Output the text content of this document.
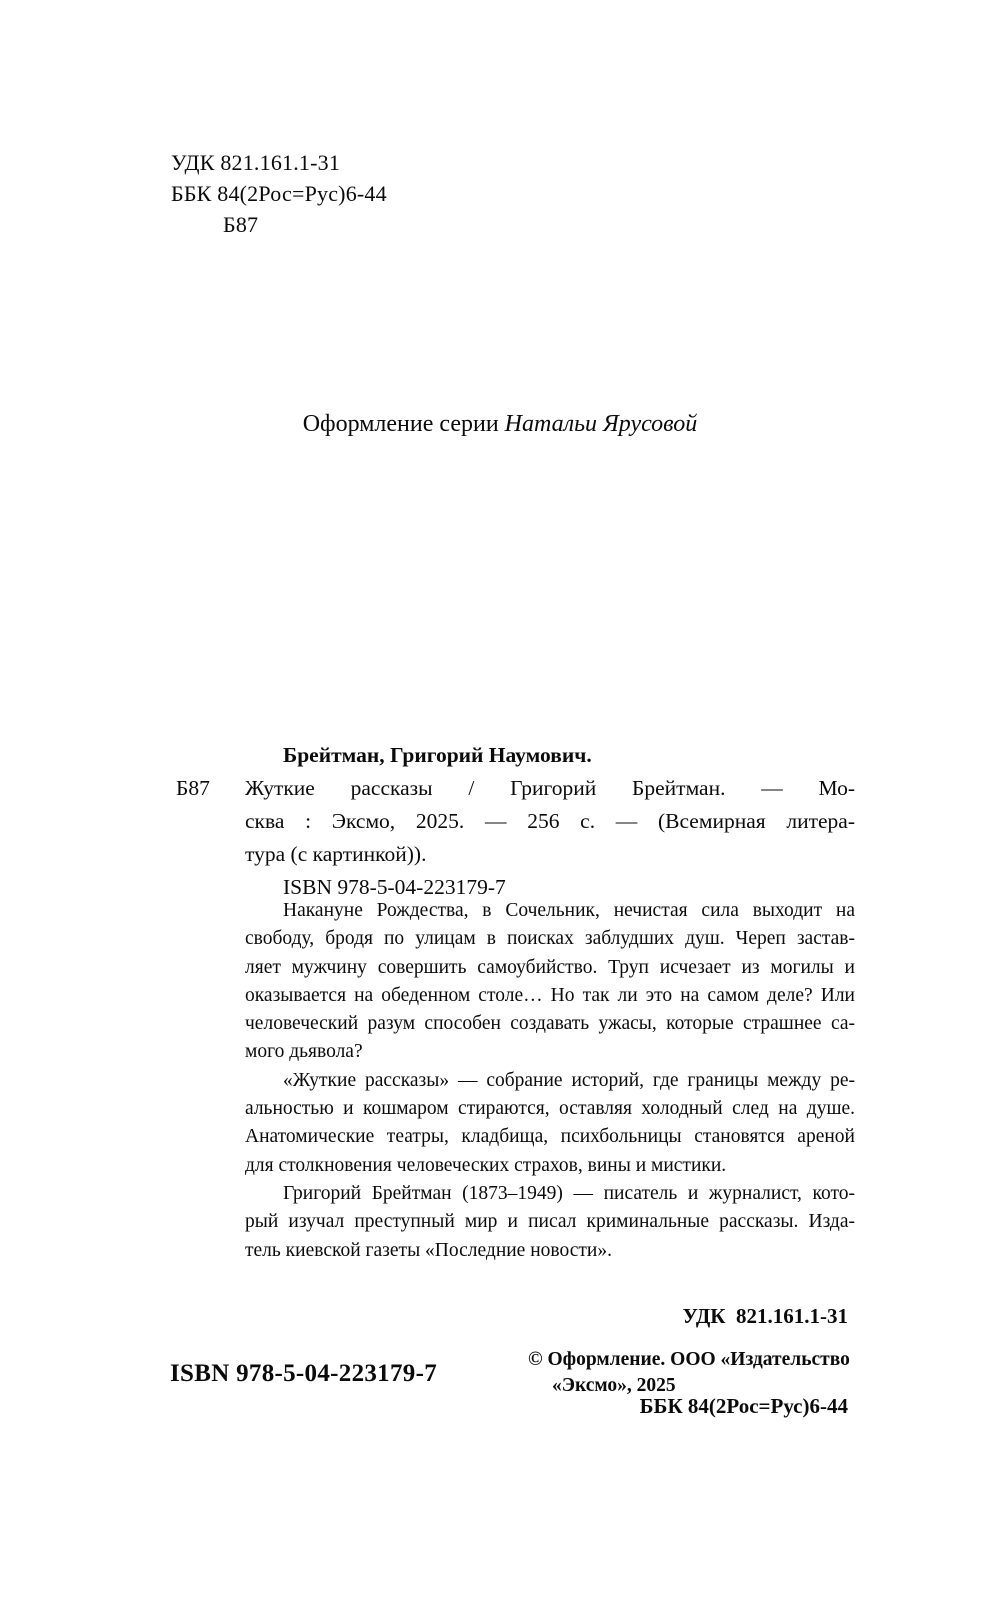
УДК 821.161.1-31
ББК 84(2Рос=Рус)6-44
Б87
Оформление серии Натальи Ярусовой
Б87
Брейтман, Григорий Наумович.
Жуткие рассказы / Григорий Брейтман. — Мо-
сква : Эксмо, 2025. — 256 с. — (Всемирная литера-
тура (с картинкой)).
ISBN 978-5-04-223179-7
Накануне Рождества, в Сочельник, нечистая сила выходит на
свободу, бродя по улицам в поисках заблудших душ. Череп застав-
ляет мужчину совершить самоубийство. Труп исчезает из могилы и
оказывается на обеденном столе… Но так ли это на самом деле? Или
человеческий разум способен создавать ужасы, которые страшнее са-
мого дьявола?
«Жуткие рассказы» — собрание историй, где границы между ре-
альностью и кошмаром стираются, оставляя холодный след на душе.
Анатомические театры, кладбища, психбольницы становятся ареной
для столкновения человеческих страхов, вины и мистики.
Григорий Брейтман (1873–1949) — писатель и журналист, кото-
рый изучал преступный мир и писал криминальные рассказы. Изда-
тель киевской газеты «Последние новости».

УДК  821.161.1-31

ББК 84(2Рос=Рус)6-44

ISBN 978-5-04-223179-7
© Оформление. ООО «Издательство
«Эксмо», 2025
